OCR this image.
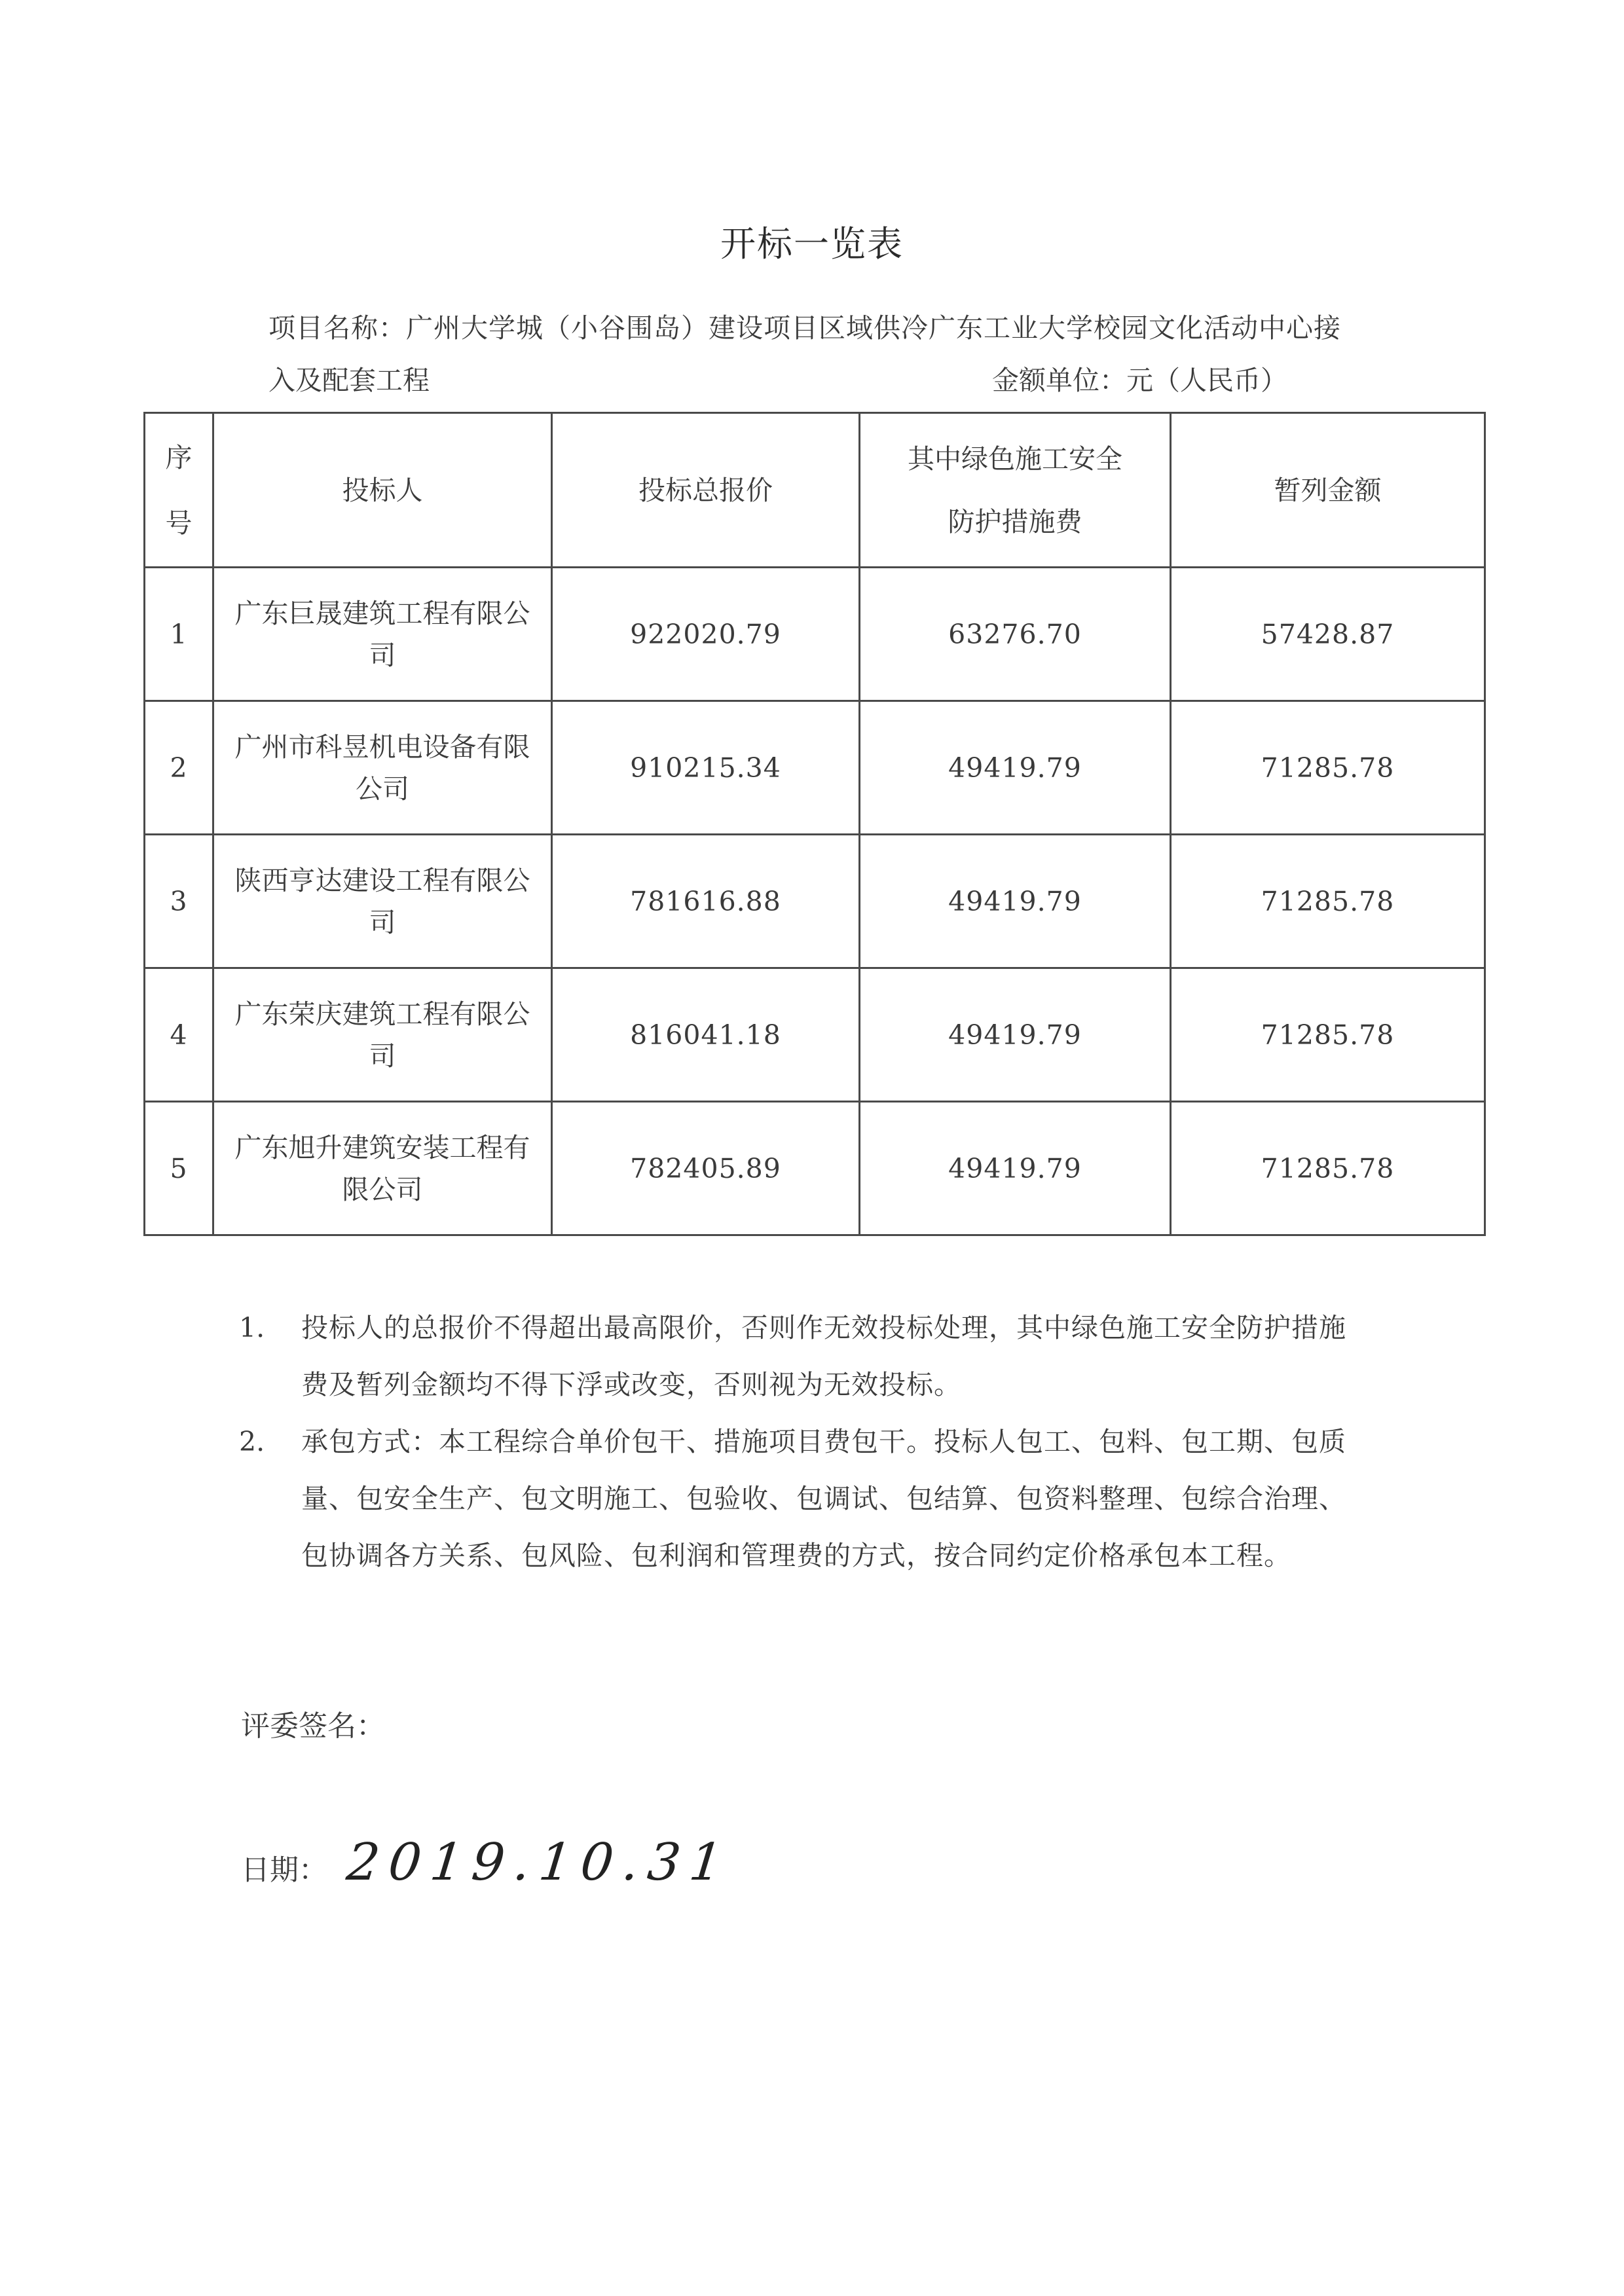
开标一览表
项目名称：广州大学城（小谷围岛）建设项目区域供冷广东工业大学校园文化活动中心接
入及配套工程	金额单位：元（人民币）
序号	投标人	投标总报价	其中绿色施工安全防护措施费	暂列金额
1	广东巨晟建筑工程有限公司	922020.79	63276.70	57428.87
2	广州市科昱机电设备有限公司	910215.34	49419.79	71285.78
3	陕西亨达建设工程有限公司	781616.88	49419.79	71285.78
4	广东荣庆建筑工程有限公司	816041.18	49419.79	71285.78
5	广东旭升建筑安装工程有限公司	782405.89	49419.79	71285.78
1.	投标人的总报价不得超出最高限价，否则作无效投标处理，其中绿色施工安全防护措施费及暂列金额均不得下浮或改变，否则视为无效投标。
2.	承包方式：本工程综合单价包干、措施项目费包干。投标人包工、包料、包工期、包质量、包安全生产、包文明施工、包验收、包调试、包结算、包资料整理、包综合治理、包协调各方关系、包风险、包利润和管理费的方式，按合同约定价格承包本工程。
评委签名：
日期： 2019.10.31
